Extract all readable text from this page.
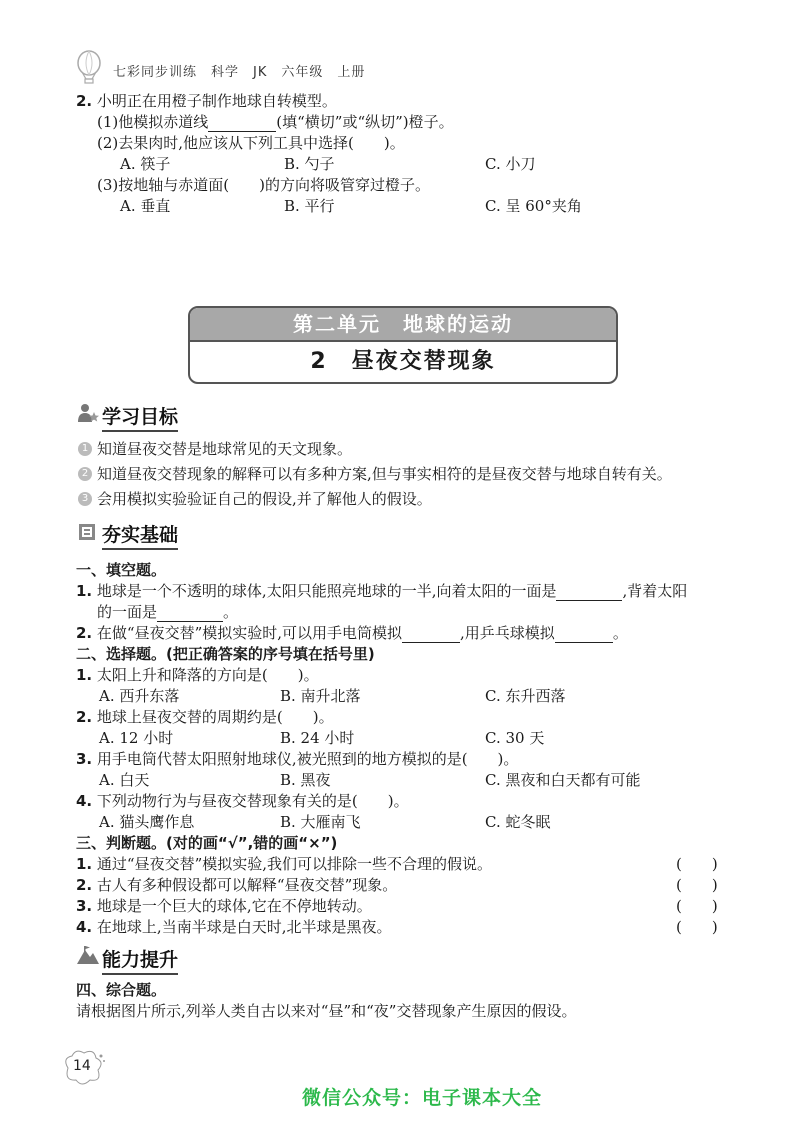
七彩同步训练　科学　JK　六年级　上册
2. 小明正在用橙子制作地球自转模型。
(1)他模拟赤道线	(填“横切”或“纵切”)橙子。
(2)去果肉时,他应该从下列工具中选择(　　)。
A. 筷子	B. 勺子	C. 小刀
(3)按地轴与赤道面(　　)的方向将吸管穿过橙子。
A. 垂直	B. 平行	C. 呈 60°夹角
第二单元　地球的运动
2　昼夜交替现象
学习目标
1 知道昼夜交替是地球常见的天文现象。
2 知道昼夜交替现象的解释可以有多种方案,但与事实相符的是昼夜交替与地球自转有关。
3 会用模拟实验验证自己的假设,并了解他人的假设。
夯实基础
一、填空题。
1. 地球是一个不透明的球体,太阳只能照亮地球的一半,向着太阳的一面是	,背着太阳
的一面是	。
2. 在做“昼夜交替”模拟实验时,可以用手电筒模拟	,用乒乓球模拟	。
二、选择题。(把正确答案的序号填在括号里)
1. 太阳上升和降落的方向是(　　)。
A. 西升东落	B. 南升北落	C. 东升西落
2. 地球上昼夜交替的周期约是(　　)。
A. 12 小时	B. 24 小时	C. 30 天
3. 用手电筒代替太阳照射地球仪,被光照到的地方模拟的是(　　)。
A. 白天	B. 黑夜	C. 黑夜和白天都有可能
4. 下列动物行为与昼夜交替现象有关的是(　　)。
A. 猫头鹰作息	B. 大雁南飞	C. 蛇冬眠
三、判断题。(对的画“√”,错的画“×”)
1. 通过“昼夜交替”模拟实验,我们可以排除一些不合理的假说。	(　　)
2. 古人有多种假设都可以解释“昼夜交替”现象。	(　　)
3. 地球是一个巨大的球体,它在不停地转动。	(　　)
4. 在地球上,当南半球是白天时,北半球是黑夜。	(　　)
能力提升
四、综合题。
请根据图片所示,列举人类自古以来对“昼”和“夜”交替现象产生原因的假设。
14
微信公众号：电子课本大全
